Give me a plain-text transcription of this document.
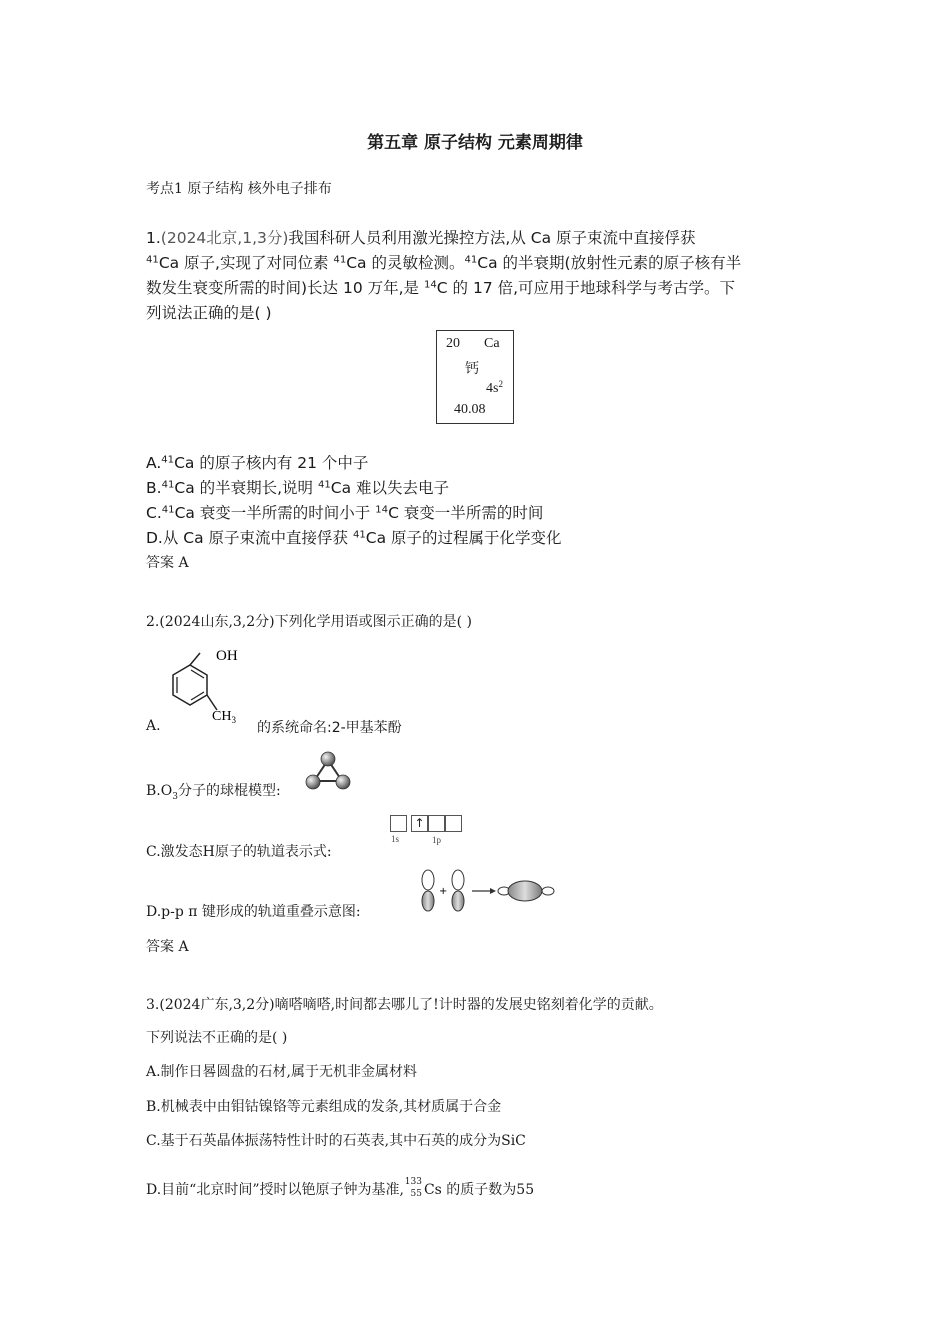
第五章 原子结构 元素周期律
考点1 原子结构 核外电子排布
1.(2024北京,1,3分)我国科研人员利用激光操控方法,从 Ca 原子束流中直接俘获
$^{41}$Ca 原子,实现了对同位素 $^{41}$Ca 的灵敏检测。$^{41}$Ca 的半衰期(放射性元素的原子核有半
数发生衰变所需的时间)长达 10 万年,是 $^{14}$C 的 17 倍,可应用于地球科学与考古学。下
列说法正确的是( )
20 Ca
钙
$4s^2$
40.08
A.$^{41}$Ca 的原子核内有 21 个中子
B.$^{41}$Ca 的半衰期长,说明 $^{41}$Ca 难以失去电子
C.$^{41}$Ca 衰变一半所需的时间小于 $^{14}$C 衰变一半所需的时间
D.从 Ca 原子束流中直接俘获 $^{41}$Ca 原子的过程属于化学变化
答案 A
2.(2024山东,3,2分)下列化学用语或图示正确的是( )
A.
OH
$CH_3$ 的系统命名:2-甲基苯酚
$B.O_3$分子的球棍模型:
C.激发态H原子的轨道表示式:
↑
1s	1p
D.p-p π 键形成的轨道重叠示意图:
+
答案 A
3.(2024广东,3,2分)嘀嗒嘀嗒,时间都去哪儿了!计时器的发展史铭刻着化学的贡献。
下列说法不正确的是( )
A.制作日晷圆盘的石材,属于无机非金属材料
B.机械表中由钼钴镍铬等元素组成的发条,其材质属于合金
C.基于石英晶体振荡特性计时的石英表,其中石英的成分为SiC
D.目前“北京时间”授时以铯原子钟为基准, 133
55 Cs 的质子数为55
